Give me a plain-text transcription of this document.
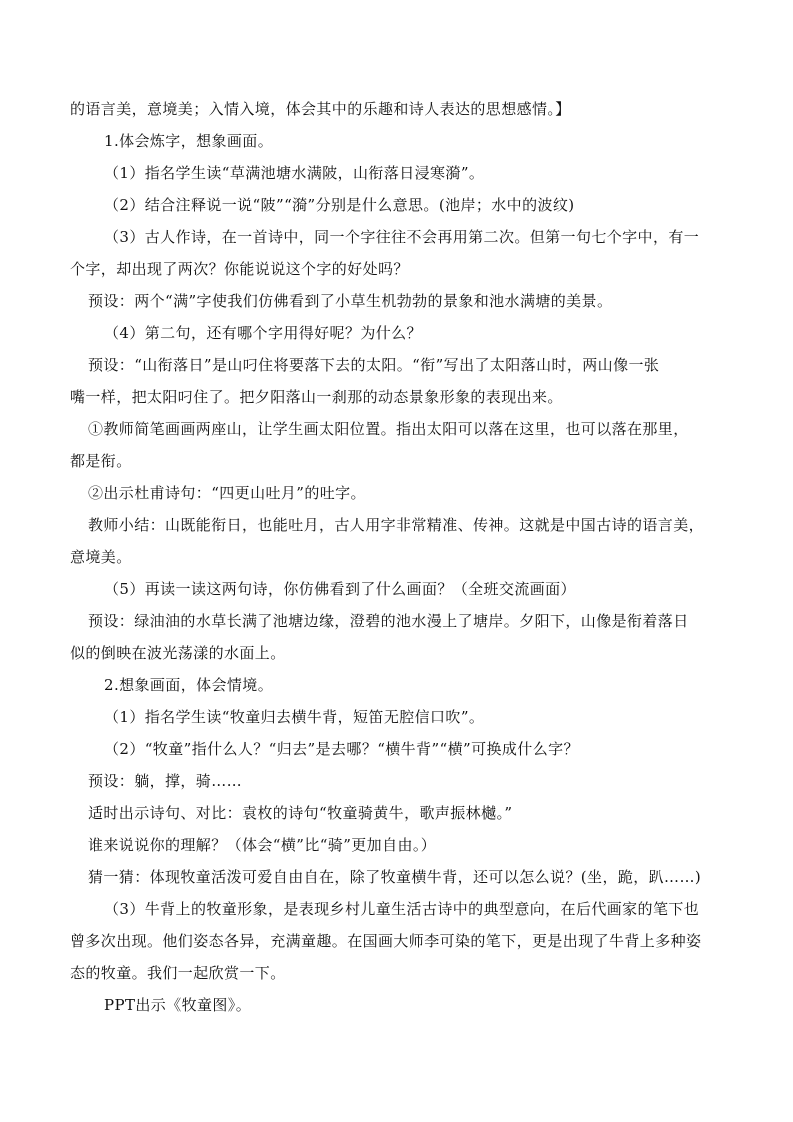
的语言美，意境美；入情入境，体会其中的乐趣和诗人表达的思想感情。】
1.体会炼字，想象画面。
（1）指名学生读“草满池塘水满陂，山衔落日浸寒漪”。
（2）结合注释说一说“陂”“漪”分别是什么意思。(池岸；水中的波纹)
（3）古人作诗，在一首诗中，同一个字往往不会再用第二次。但第一句七个字中，有一
个字，却出现了两次？你能说说这个字的好处吗？
预设：两个“满”字使我们仿佛看到了小草生机勃勃的景象和池水满塘的美景。
（4）第二句，还有哪个字用得好呢？为什么？
预设：“山衔落日”是山叼住将要落下去的太阳。“衔”写出了太阳落山时，两山像一张
嘴一样，把太阳叼住了。把夕阳落山一刹那的动态景象形象的表现出来。
①教师简笔画画两座山，让学生画太阳位置。指出太阳可以落在这里，也可以落在那里，
都是衔。
②出示杜甫诗句：“四更山吐月”的吐字。
教师小结：山既能衔日，也能吐月，古人用字非常精准、传神。这就是中国古诗的语言美，
意境美。
（5）再读一读这两句诗，你仿佛看到了什么画面？（全班交流画面）
预设：绿油油的水草长满了池塘边缘，澄碧的池水漫上了塘岸。夕阳下，山像是衔着落日
似的倒映在波光荡漾的水面上。
2.想象画面，体会情境。
（1）指名学生读“牧童归去横牛背，短笛无腔信口吹”。
（2）“牧童”指什么人？“归去”是去哪？“横牛背”“横”可换成什么字？
预设：躺，撑，骑……
适时出示诗句、对比：袁枚的诗句“牧童骑黄牛，歌声振林樾。”
谁来说说你的理解？（体会“横”比“骑”更加自由。）
猜一猜：体现牧童活泼可爱自由自在，除了牧童横牛背，还可以怎么说？(坐，跪，趴……)
（3）牛背上的牧童形象，是表现乡村儿童生活古诗中的典型意向，在后代画家的笔下也
曾多次出现。他们姿态各异，充满童趣。在国画大师李可染的笔下，更是出现了牛背上多种姿
态的牧童。我们一起欣赏一下。
PPT出示《牧童图》。
